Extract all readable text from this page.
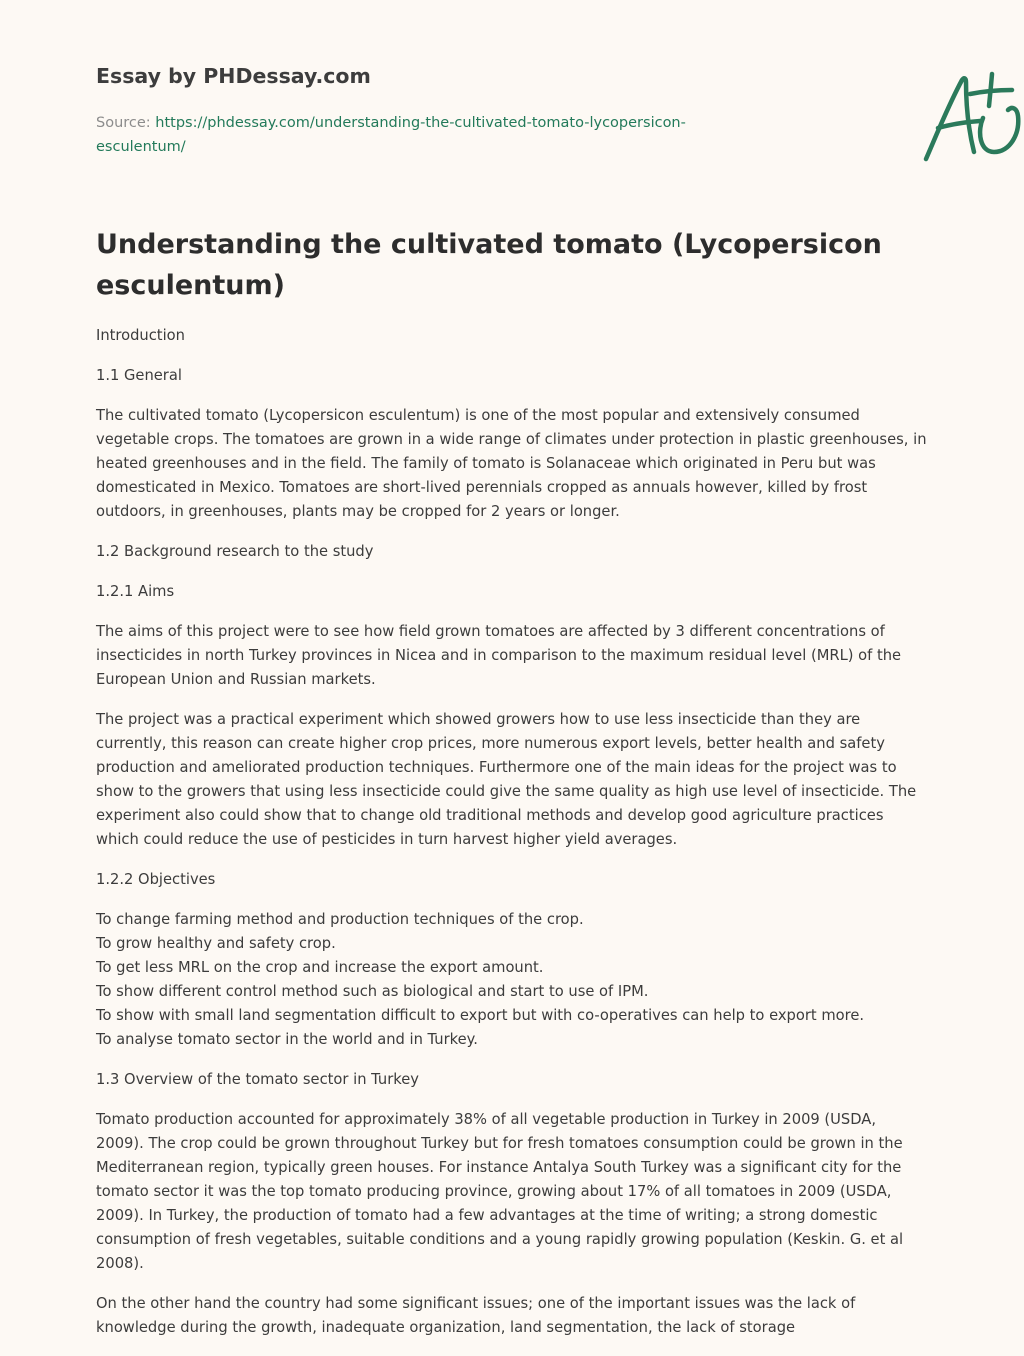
Essay by PHDessay.com
Source: https://phdessay.com/understanding-the-cultivated-tomato-lycopersicon-esculentum/
Understanding the cultivated tomato (Lycopersicon esculentum)

Introduction

1.1 General

The cultivated tomato (Lycopersicon esculentum) is one of the most popular and extensively consumed vegetable crops. The tomatoes are grown in a wide range of climates under protection in plastic greenhouses, in heated greenhouses and in the field. The family of tomato is Solanaceae which originated in Peru but was domesticated in Mexico. Tomatoes are short-lived perennials cropped as annuals however, killed by frost outdoors, in greenhouses, plants may be cropped for 2 years or longer.

1.2 Background research to the study

1.2.1 Aims

The aims of this project were to see how field grown tomatoes are affected by 3 different concentrations of insecticides in north Turkey provinces in Nicea and in comparison to the maximum residual level (MRL) of the European Union and Russian markets.

The project was a practical experiment which showed growers how to use less insecticide than they are currently, this reason can create higher crop prices, more numerous export levels, better health and safety production and ameliorated production techniques. Furthermore one of the main ideas for the project was to show to the growers that using less insecticide could give the same quality as high use level of insecticide. The experiment also could show that to change old traditional methods and develop good agriculture practices which could reduce the use of pesticides in turn harvest higher yield averages.

1.2.2 Objectives

To change farming method and production techniques of the crop.
To grow healthy and safety crop.
To get less MRL on the crop and increase the export amount.
To show different control method such as biological and start to use of IPM.
To show with small land segmentation difficult to export but with co-operatives can help to export more.
To analyse tomato sector in the world and in Turkey.

1.3 Overview of the tomato sector in Turkey

Tomato production accounted for approximately 38% of all vegetable production in Turkey in 2009 (USDA, 2009). The crop could be grown throughout Turkey but for fresh tomatoes consumption could be grown in the Mediterranean region, typically green houses. For instance Antalya South Turkey was a significant city for the tomato sector it was the top tomato producing province, growing about 17% of all tomatoes in 2009 (USDA, 2009). In Turkey, the production of tomato had a few advantages at the time of writing; a strong domestic consumption of fresh vegetables, suitable conditions and a young rapidly growing population (Keskin. G. et al 2008).

On the other hand the country had some significant issues; one of the important issues was the lack of knowledge during the growth, inadequate organization, land segmentation, the lack of storage
